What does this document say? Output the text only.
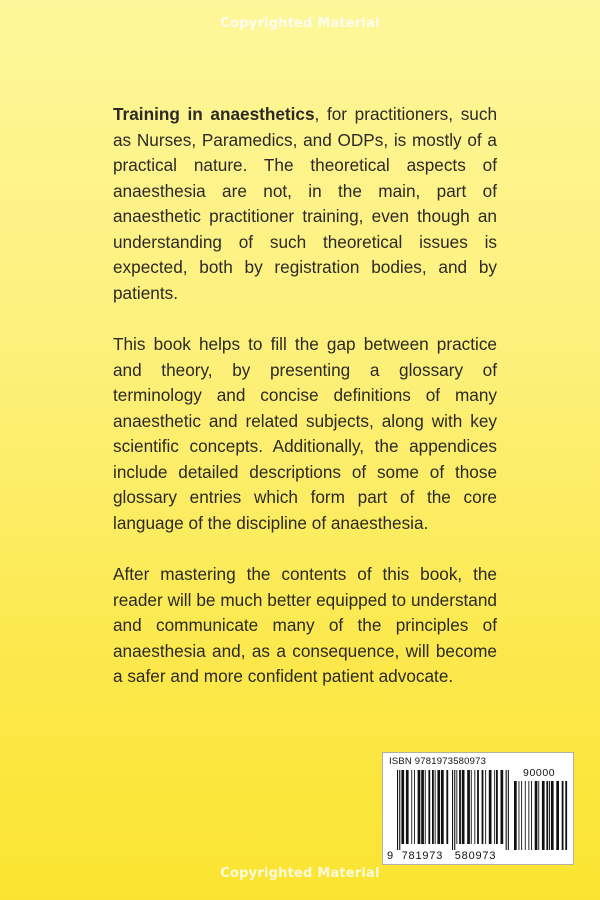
Copyrighted Material

Training in anaesthetics, for practitioners, such as Nurses, Paramedics, and ODPs, is mostly of a practical nature. The theoretical aspects of anaesthesia are not, in the main, part of anaesthetic practitioner training, even though an understanding of such theoretical issues is expected, both by registration bodies, and by patients.

This book helps to fill the gap between practice and theory, by presenting a glossary of terminology and concise definitions of many anaesthetic and related subjects, along with key scientific concepts. Additionally, the appendices include detailed descriptions of some of those glossary entries which form part of the core language of the discipline of anaesthesia.

After mastering the contents of this book, the reader will be much better equipped to understand and communicate many of the principles of anaesthesia and, as a consequence, will become a safer and more confident patient advocate.

ISBN 9781973580973
90000
9 781973 580973
Copyrighted Material
